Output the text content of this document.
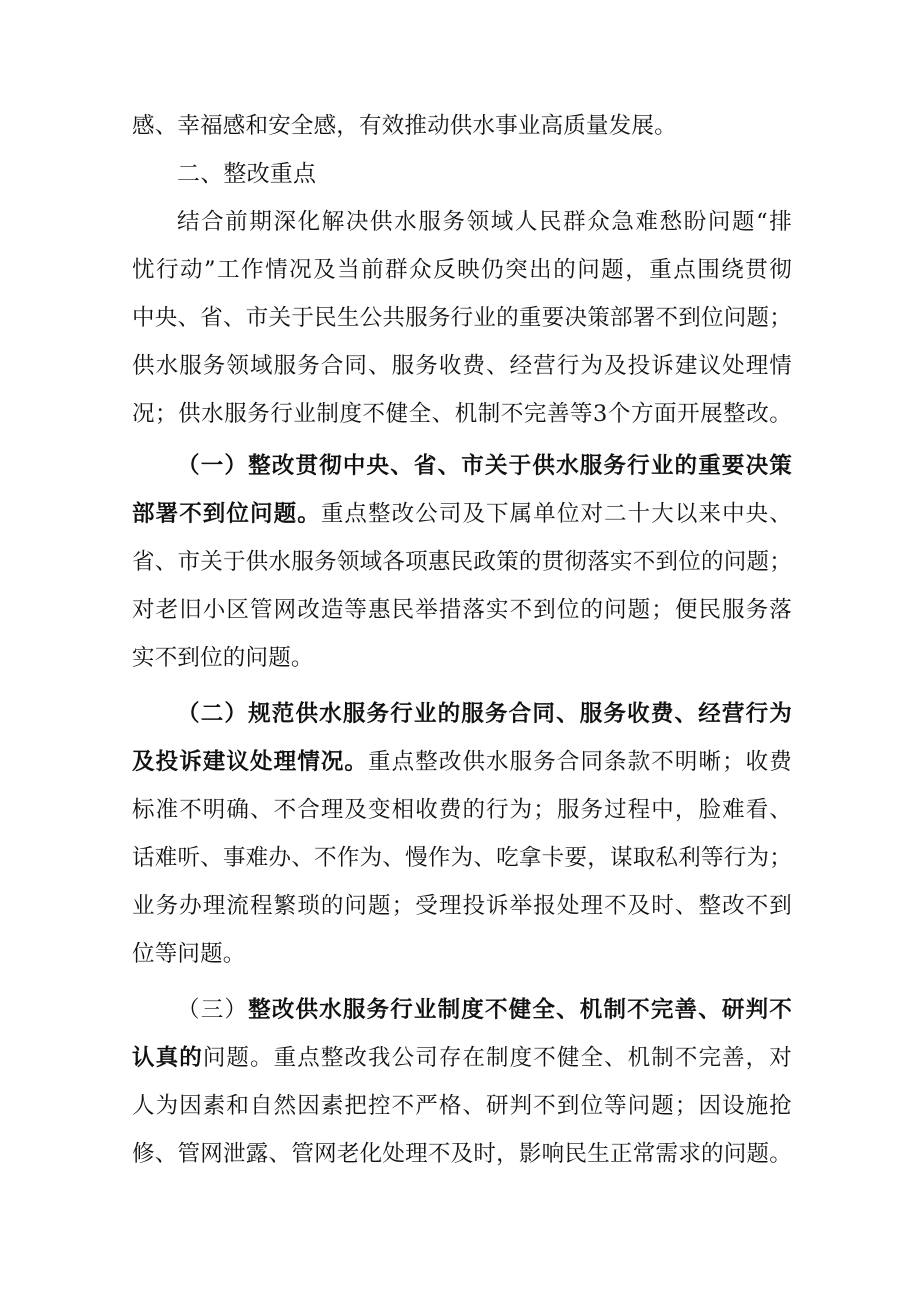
感、幸福感和安全感，有效推动供水事业高质量发展。
二、整改重点
结合前期深化解决供水服务领域人民群众急难愁盼问题“排
忧行动”工作情况及当前群众反映仍突出的问题，重点围绕贯彻
中央、省、市关于民生公共服务行业的重要决策部署不到位问题；
供水服务领域服务合同、服务收费、经营行为及投诉建议处理情
况；供水服务行业制度不健全、机制不完善等3个方面开展整改。
（一）整改贯彻中央、省、市关于供水服务行业的重要决策
部署不到位问题。重点整改公司及下属单位对二十大以来中央、
省、市关于供水服务领域各项惠民政策的贯彻落实不到位的问题；
对老旧小区管网改造等惠民举措落实不到位的问题；便民服务落
实不到位的问题。
（二）规范供水服务行业的服务合同、服务收费、经营行为
及投诉建议处理情况。重点整改供水服务合同条款不明晰；收费
标准不明确、不合理及变相收费的行为；服务过程中，脸难看、
话难听、事难办、不作为、慢作为、吃拿卡要，谋取私利等行为；
业务办理流程繁琐的问题；受理投诉举报处理不及时、整改不到
位等问题。
（三）整改供水服务行业制度不健全、机制不完善、研判不
认真的问题。重点整改我公司存在制度不健全、机制不完善，对
人为因素和自然因素把控不严格、研判不到位等问题；因设施抢
修、管网泄露、管网老化处理不及时，影响民生正常需求的问题。
